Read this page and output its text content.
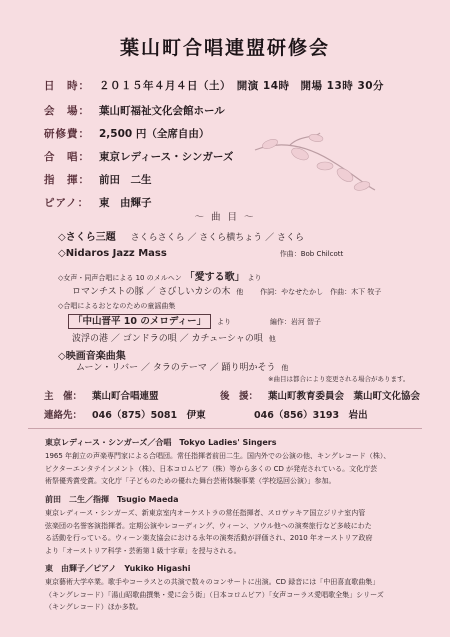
葉山町合唱連盟研修会
日　時： ２０１５年４月４日（土）　開演 14時　開場 13時 30分
会　場： 葉山町福祉文化会館ホール
研修費： 2,500 円（全席自由）
合　唱： 東京レディース・シンガーズ
指　揮： 前田　二生
ピアノ： 東　由輝子
～ 曲 目 ～
◇さくら三題 さくらさくら ／ さくら横ちょう ／ さくら
◇Nidaros Jazz Mass	作曲：Bob Chilcott
◇女声・同声合唱による 10 のメルヘン 「愛する歌」 より
ロマンチストの豚 ／ さびしいカシの木 他 作詞：やなせたかし　作曲：木下 牧子
◇合唱によるおとなのための童謡曲集
「中山晋平 10 のメロディー」 より	編作：岩河 智子
波浮の港 ／ ゴンドラの唄 ／ カチューシャの唄 他
◇映画音楽曲集
ムーン・リバー ／ タラのテーマ ／ 踊り明かそう 他
※曲目は都合により変更される場合があります。
主　催：	葉山町合唱連盟	後　援：	葉山町教育委員会　葉山町文化協会
連絡先：	046（875）5081　伊東	046（856）3193　岩出
東京レディース・シンガーズ／合唱　Tokyo Ladies' Singers

1965 年創立の声楽専門家による合唱団。常任指揮者前田二生。国内外での公演の他、キングレコード（株）、

ビクターエンタテインメント（株）、日本コロムビア（株）等から多くの CD が発売されている。文化庁芸

術祭優秀賞受賞。文化庁「子どものための優れた舞台芸術体験事業（学校巡回公演）」参加。

前田　二生／指揮　Tsugio Maeda

東京レディース・シンガーズ、新東京室内オーケストラの常任指揮者、スロヴァキア国立ジリナ室内管

弦楽団の名誉客演指揮者。定期公演やレコーディング、ウィーン、ソウル他への演奏旅行など多岐にわた

る活動を行っている。ウィーン楽友協会における永年の演奏活動が評価され、2010 年オーストリア政府

より「オーストリア科学・芸術第１級十字章」を授与される。

東　由輝子／ピアノ　Yukiko Higashi

東京藝術大学卒業。歌手やコーラスとの共演で数々のコンサートに出演。CD 録音には「中田喜直歌曲集」

（キングレコード）「湯山昭歌曲撰集・愛に会う街」（日本コロムビア）「女声コーラス愛唱歌全集」シリーズ

（キングレコード）ほか多数。
